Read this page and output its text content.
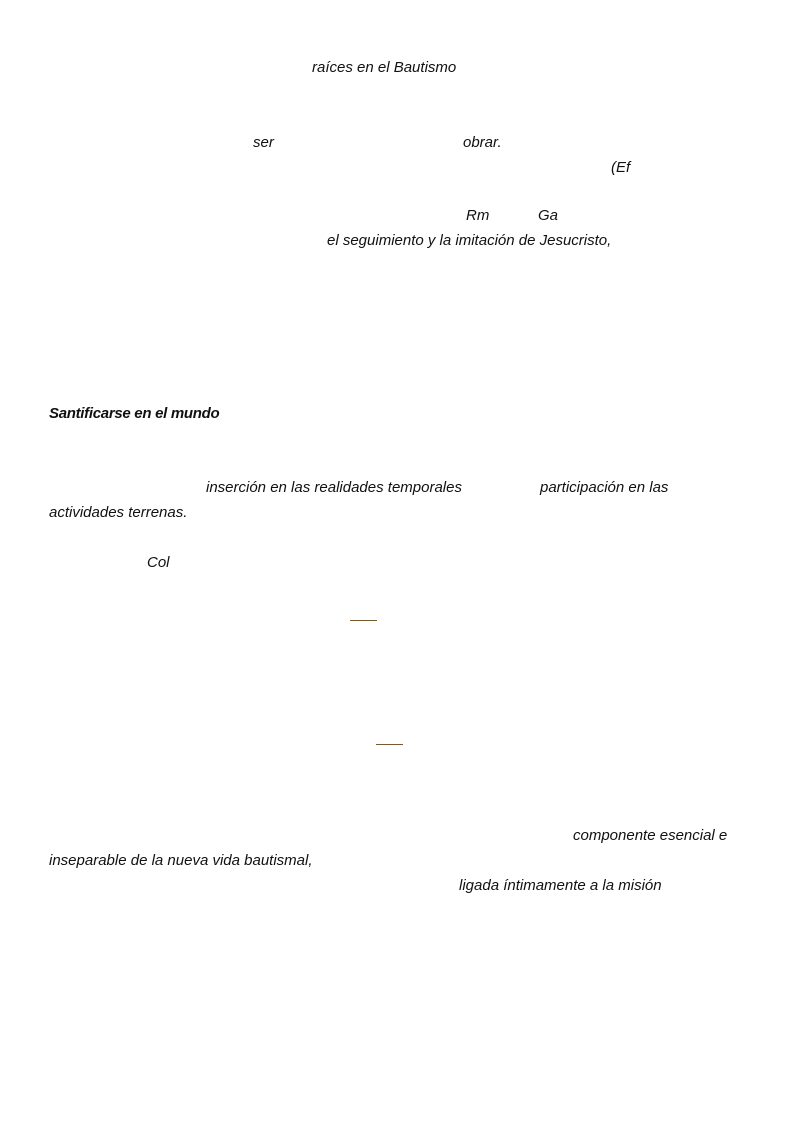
raíces en el Bautismo
ser	obrar.
(Ef
Rm	Ga
el seguimiento y la imitación de Jesucristo,
Santificarse en el mundo
inserción en las realidades temporales	participación en las
actividades terrenas.
Col
componente esencial e
inseparable de la nueva vida bautismal,
ligada íntimamente a la misión
